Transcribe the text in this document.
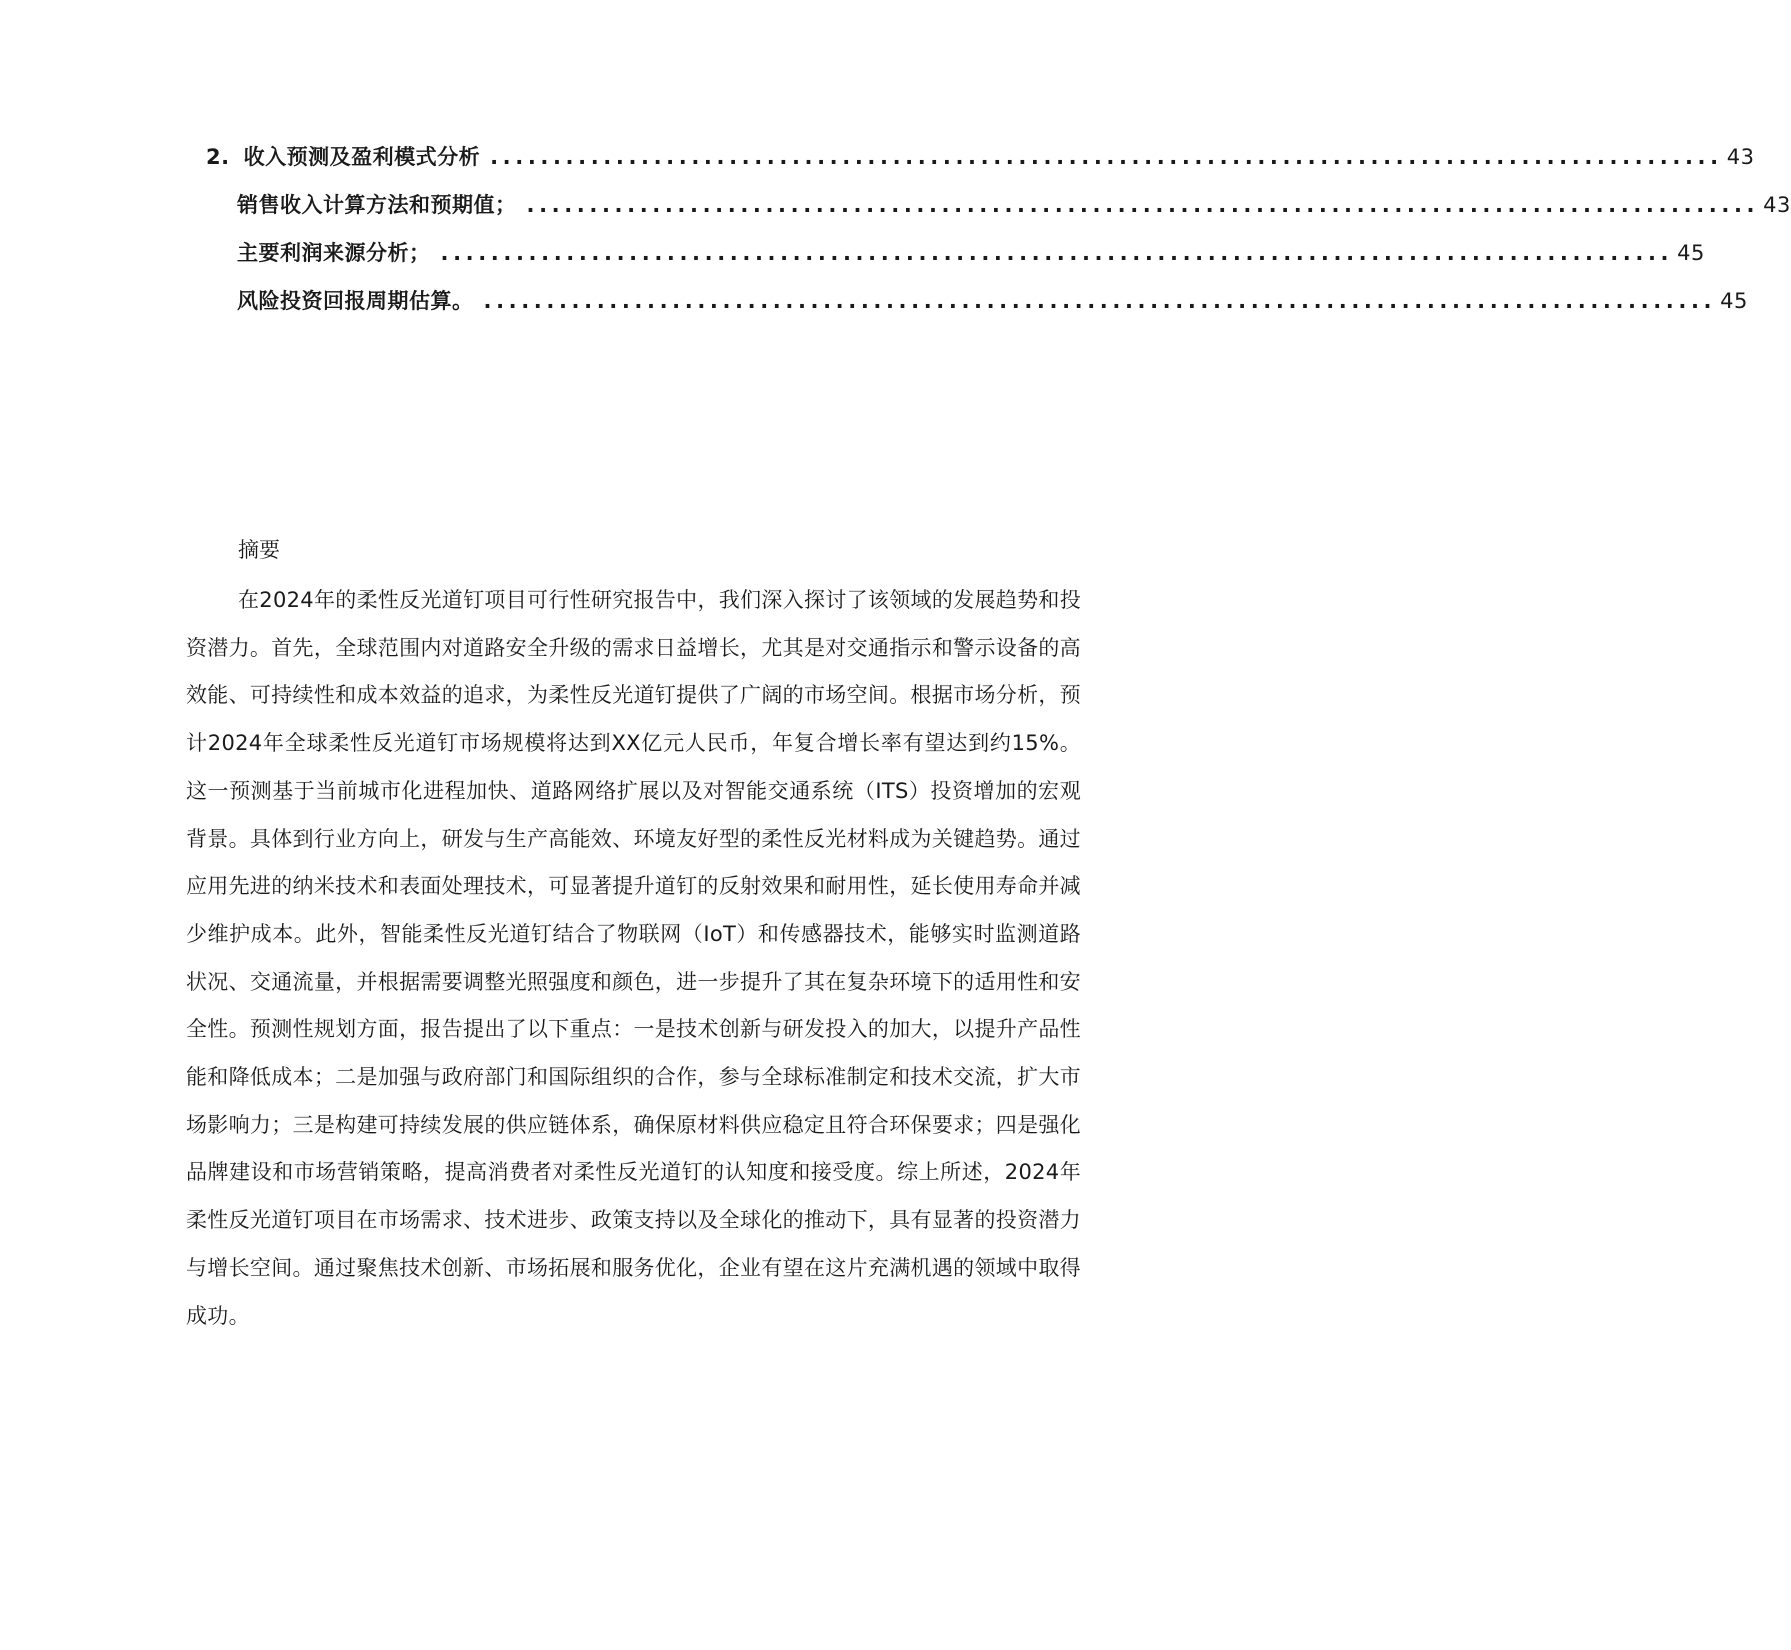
2. 收入预测及盈利模式分析 .................................................................................................. 43
销售收入计算方法和预期值； .................................................................................................. 43
主要利润来源分析； .................................................................................................. 45
风险投资回报周期估算。 .................................................................................................. 45
摘要

在2024年的柔性反光道钉项目可行性研究报告中，我们深入探讨了该领域的发展趋势和投资潜力。首先，全球范围内对道路安全升级的需求日益增长，尤其是对交通指示和警示设备的高效能、可持续性和成本效益的追求，为柔性反光道钉提供了广阔的市场空间。根据市场分析，预计2024年全球柔性反光道钉市场规模将达到XX亿元人民币，年复合增长率有望达到约15%。这一预测基于当前城市化进程加快、道路网络扩展以及对智能交通系统（ITS）投资增加的宏观背景。具体到行业方向上，研发与生产高能效、环境友好型的柔性反光材料成为关键趋势。通过应用先进的纳米技术和表面处理技术，可显著提升道钉的反射效果和耐用性，延长使用寿命并减少维护成本。此外，智能柔性反光道钉结合了物联网（IoT）和传感器技术，能够实时监测道路状况、交通流量，并根据需要调整光照强度和颜色，进一步提升了其在复杂环境下的适用性和安全性。预测性规划方面，报告提出了以下重点：一是技术创新与研发投入的加大，以提升产品性能和降低成本；二是加强与政府部门和国际组织的合作，参与全球标准制定和技术交流，扩大市场影响力；三是构建可持续发展的供应链体系，确保原材料供应稳定且符合环保要求；四是强化品牌建设和市场营销策略，提高消费者对柔性反光道钉的认知度和接受度。综上所述，2024年柔性反光道钉项目在市场需求、技术进步、政策支持以及全球化的推动下，具有显著的投资潜力与增长空间。通过聚焦技术创新、市场拓展和服务优化，企业有望在这片充满机遇的领域中取得成功。
